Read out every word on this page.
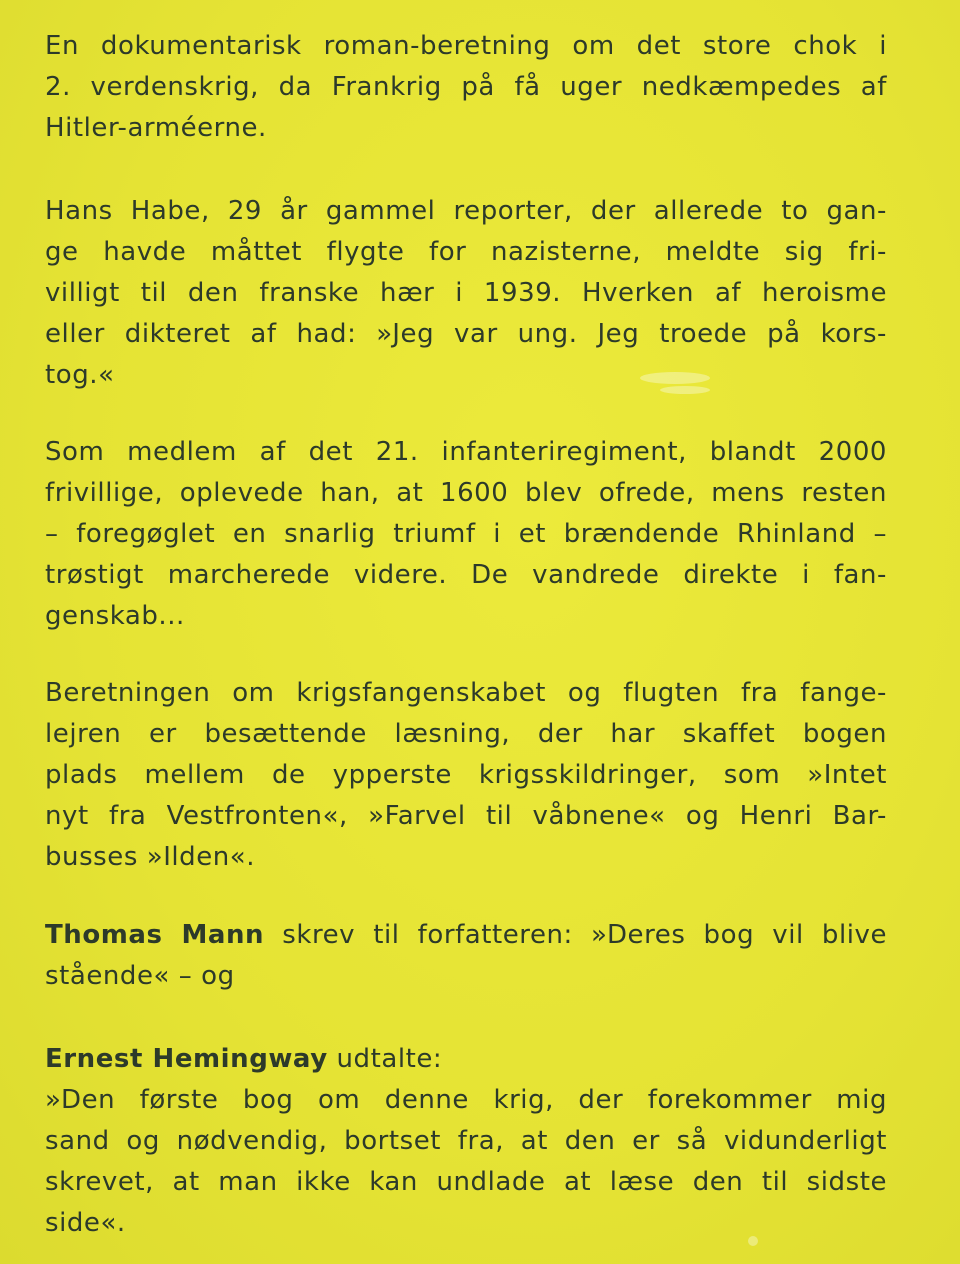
En dokumentarisk roman-beretning om det store chok i
2. verdenskrig, da Frankrig på få uger nedkæmpedes af
Hitler-arméerne.

Hans Habe, 29 år gammel reporter, der allerede to gan-
ge havde måttet flygte for nazisterne, meldte sig fri-
villigt til den franske hær i 1939. Hverken af heroisme
eller dikteret af had: »Jeg var ung. Jeg troede på kors-
tog.«

Som medlem af det 21. infanteriregiment, blandt 2000
frivillige, oplevede han, at 1600 blev ofrede, mens resten
– foregøglet en snarlig triumf i et brændende Rhinland –
trøstigt marcherede videre. De vandrede direkte i fan-
genskab...

Beretningen om krigsfangenskabet og flugten fra fange-
lejren er besættende læsning, der har skaffet bogen
plads mellem de ypperste krigsskildringer, som »Intet
nyt fra Vestfronten«, »Farvel til våbnene« og Henri Bar-
busses »Ilden«.

Thomas Mann skrev til forfatteren: »Deres bog vil blive
stående« – og

Ernest Hemingway udtalte:
»Den første bog om denne krig, der forekommer mig
sand og nødvendig, bortset fra, at den er så vidunderligt
skrevet, at man ikke kan undlade at læse den til sidste
side«.
